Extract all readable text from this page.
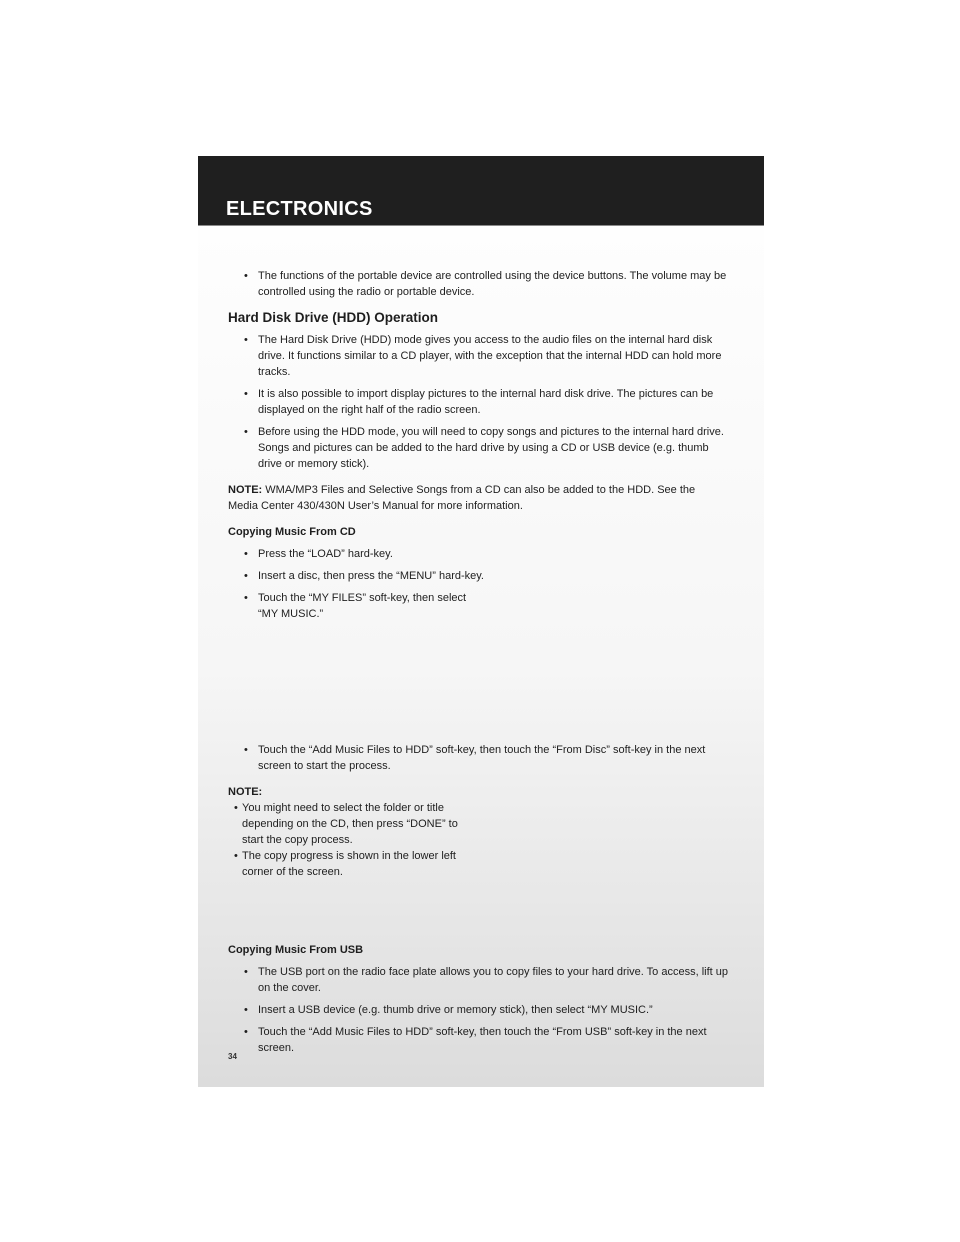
ELECTRONICS
• The functions of the portable device are controlled using the device buttons. The volume may be controlled using the radio or portable device.
Hard Disk Drive (HDD) Operation
• The Hard Disk Drive (HDD) mode gives you access to the audio files on the internal hard disk drive. It functions similar to a CD player, with the exception that the internal HDD can hold more tracks.
• It is also possible to import display pictures to the internal hard disk drive. The pictures can be displayed on the right half of the radio screen.
• Before using the HDD mode, you will need to copy songs and pictures to the internal hard drive. Songs and pictures can be added to the hard drive by using a CD or USB device (e.g. thumb drive or memory stick).
NOTE: WMA/MP3 Files and Selective Songs from a CD can also be added to the HDD. See the Media Center 430/430N User’s Manual for more information.
Copying Music From CD
• Press the “LOAD” hard-key.
• Insert a disc, then press the “MENU” hard-key.
• Touch the “MY FILES” soft-key, then select “MY MUSIC.”
• Touch the “Add Music Files to HDD” soft-key, then touch the “From Disc” soft-key in the next screen to start the process.
NOTE:
• You might need to select the folder or title depending on the CD, then press “DONE” to start the copy process.
• The copy progress is shown in the lower left corner of the screen.
Copying Music From USB
• The USB port on the radio face plate allows you to copy files to your hard drive. To access, lift up on the cover.
• Insert a USB device (e.g. thumb drive or memory stick), then select “MY MUSIC.”
• Touch the “Add Music Files to HDD” soft-key, then touch the “From USB” soft-key in the next screen.
34
